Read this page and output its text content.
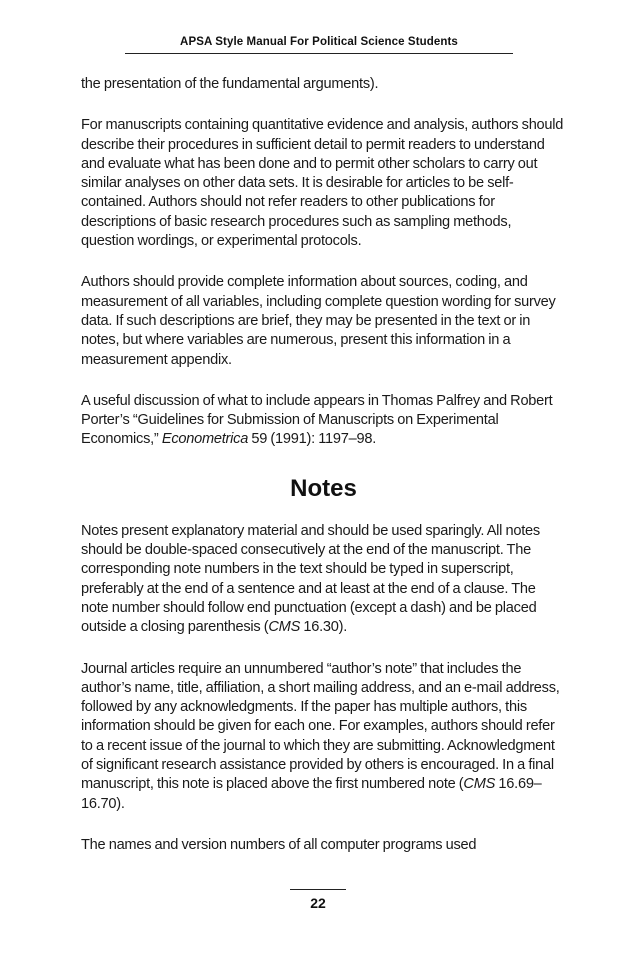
APSA Style Manual For Political Science Students

the presentation of the fundamental arguments).

For manuscripts containing quantitative evidence and analysis, authors should describe their procedures in sufficient detail to permit readers to understand and evaluate what has been done and to permit other scholars to carry out similar analyses on other data sets. It is desirable for articles to be self-contained. Authors should not refer readers to other publications for descriptions of basic research procedures such as sampling methods, question wordings, or experimental protocols.

Authors should provide complete information about sources, coding, and measurement of all variables, including complete question wording for survey data. If such descriptions are brief, they may be presented in the text or in notes, but where variables are numerous, present this information in a measurement appendix.

A useful discussion of what to include appears in Thomas Palfrey and Robert Porter’s “Guidelines for Submission of Manuscripts on Experimental Economics,” Econometrica 59 (1991): 1197–98.

Notes

Notes present explanatory material and should be used sparingly. All notes should be double-spaced consecutively at the end of the manuscript. The corresponding note numbers in the text should be typed in superscript, preferably at the end of a sentence and at least at the end of a clause. The note number should follow end punctuation (except a dash) and be placed outside a closing parenthesis (CMS 16.30).

Journal articles require an unnumbered “author’s note” that includes the author’s name, title, affiliation, a short mailing address, and an e-mail address, followed by any acknowledgments. If the paper has multiple authors, this information should be given for each one. For examples, authors should refer to a recent issue of the journal to which they are submitting. Acknowledgment of significant research assistance provided by others is encouraged. In a final manuscript, this note is placed above the first numbered note (CMS 16.69–16.70).

The names and version numbers of all computer programs used

22
